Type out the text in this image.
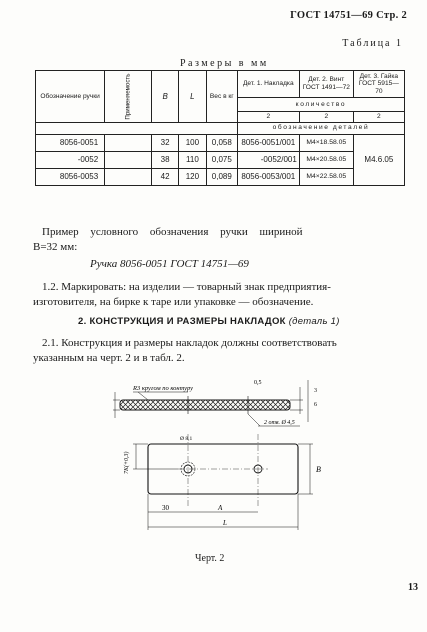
ГОСТ 14751—69 Стр. 2
Таблица 1
Размеры в мм
Обозначение ручки	Применяемость	B	L	Вес в кг	Дет. 1. Накладка	Дет. 2. Винт ГОСТ 1491—72	Дет. 3. Гайка ГОСТ 5915—70
					количество		
					2	2	2
					обозначение деталей		
8056-0051		32	100	0,058	8056-0051/001	М4×18.58.05	М4.6.05
-0052		38	110	0,075	-0052/001	М4×20.58.05	
8056-0053		42	120	0,089	8056-0053/001	М4×22.58.05	
Пример условного обозначения ручки шириной
B=32 мм:
Ручка 8056-0051 ГОСТ 14751—69
1.2. Маркировать: на изделии — товарный знак предприятия-
изготовителя, на бирке к таре или упаковке — обозначение.
2. КОНСТРУКЦИЯ И РАЗМЕРЫ НАКЛАДОК (деталь 1)
2.1. Конструкция и размеры накладок должны соответствовать
указанным на черт. 2 и в табл. 2.
R3 кругом по контуру
0,5
3
6
2 отв. Ø 4,5
Ø 8,1
B
7K(+0,3)
30	A
L
Черт. 2
13
